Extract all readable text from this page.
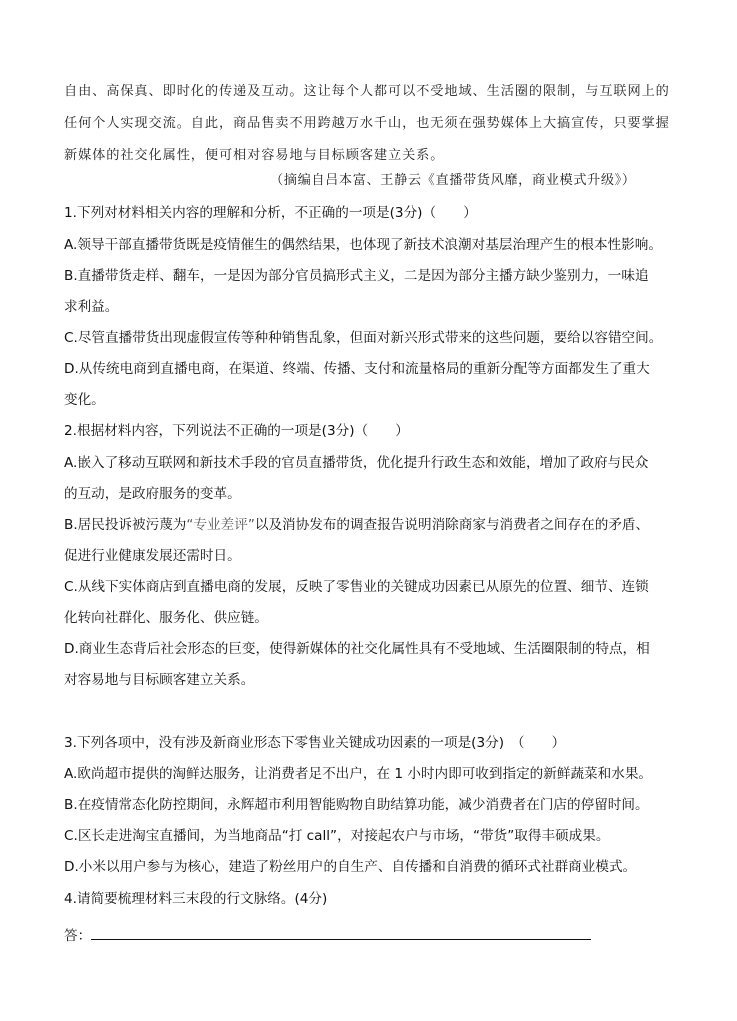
自由、高保真、即时化的传递及互动。这让每个人都可以不受地域、生活圈的限制，与互联网上的

任何个人实现交流。自此，商品售卖不用跨越万水千山，也无须在强势媒体上大搞宣传，只要掌握

新媒体的社交化属性，便可相对容易地与目标顾客建立关系。

（摘编自吕本富、王静云《直播带货风靡，商业模式升级》）
1.下列对材料相关内容的理解和分析，不正确的一项是(3分)（　　）
A.领导干部直播带货既是疫情催生的偶然结果，也体现了新技术浪潮对基层治理产生的根本性影响。
B.直播带货走样、翻车，一是因为部分官员搞形式主义，二是因为部分主播方缺少鉴别力，一味追
求利益。
C.尽管直播带货出现虚假宣传等种种销售乱象，但面对新兴形式带来的这些问题，要给以容错空间。
D.从传统电商到直播电商，在渠道、终端、传播、支付和流量格局的重新分配等方面都发生了重大
变化。
2.根据材料内容，下列说法不正确的一项是(3分)（　　）
A.嵌入了移动互联网和新技术手段的官员直播带货，优化提升行政生态和效能，增加了政府与民众
的互动，是政府服务的变革。
B.居民投诉被污蔑为“专业差评”以及消协发布的调查报告说明消除商家与消费者之间存在的矛盾、
促进行业健康发展还需时日。
C.从线下实体商店到直播电商的发展，反映了零售业的关键成功因素已从原先的位置、细节、连锁
化转向社群化、服务化、供应链。
D.商业生态背后社会形态的巨变，使得新媒体的社交化属性具有不受地域、生活圈限制的特点，相
对容易地与目标顾客建立关系。
3.下列各项中，没有涉及新商业形态下零售业关键成功因素的一项是(3分)　（　　）
A.欧尚超市提供的淘鲜达服务，让消费者足不出户，在 1 小时内即可收到指定的新鲜蔬菜和水果。
B.在疫情常态化防控期间，永辉超市利用智能购物自助结算功能，减少消费者在门店的停留时间。
C.区长走进淘宝直播间，为当地商品“打 call”，对接起农户与市场，“带货”取得丰硕成果。
D.小米以用户参与为核心，建造了粉丝用户的自生产、自传播和自消费的循环式社群商业模式。
4.请简要梳理材料三末段的行文脉络。(4分)
答：
